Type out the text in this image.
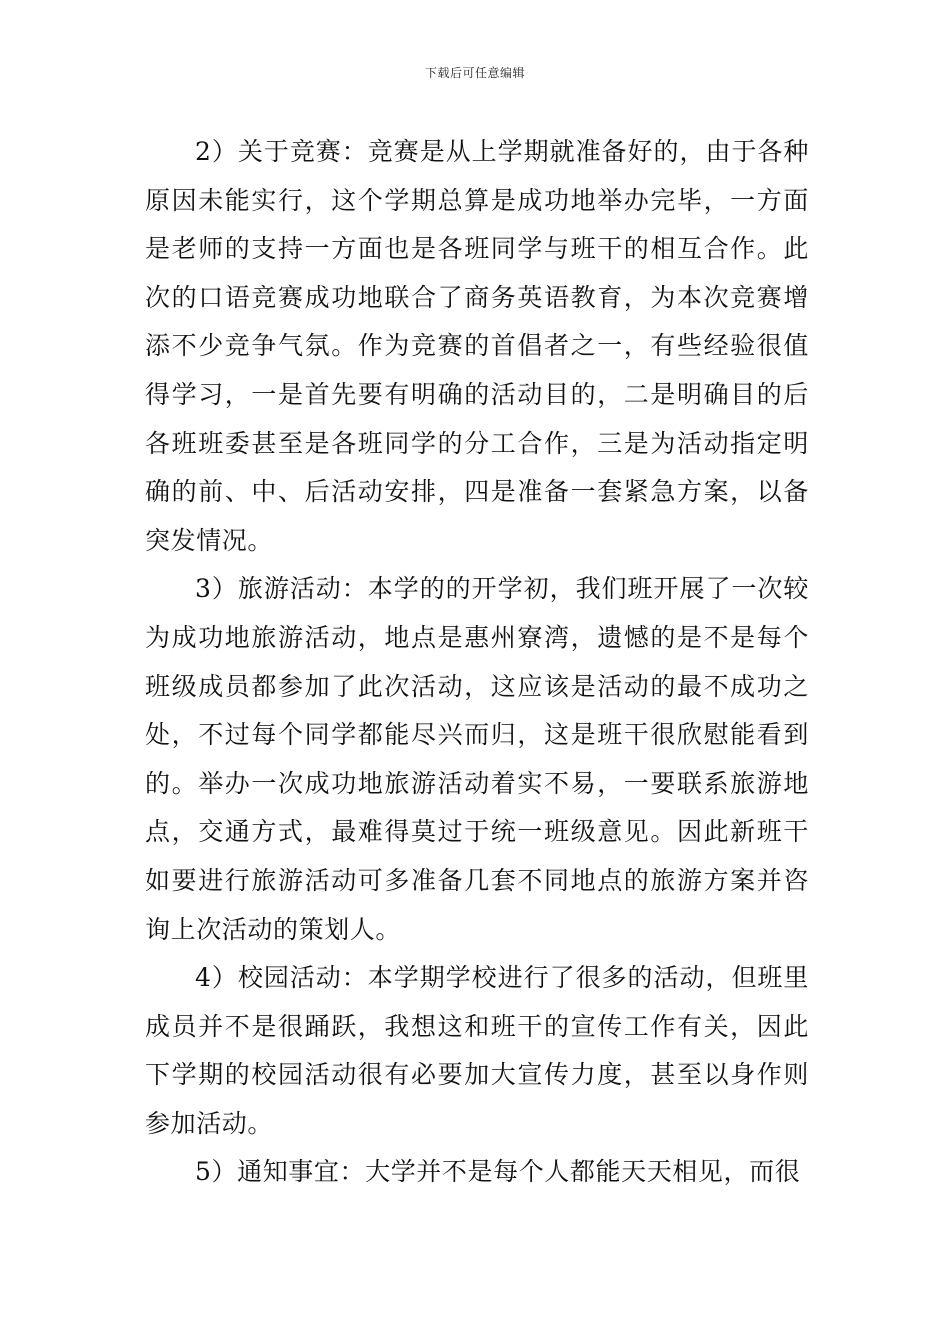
下载后可任意编辑

2）关于竞赛：竞赛是从上学期就准备好的，由于各种原因未能实行，这个学期总算是成功地举办完毕，一方面是老师的支持一方面也是各班同学与班干的相互合作。此次的口语竞赛成功地联合了商务英语教育，为本次竞赛增添不少竞争气氛。作为竞赛的首倡者之一，有些经验很值得学习，一是首先要有明确的活动目的，二是明确目的后各班班委甚至是各班同学的分工合作，三是为活动指定明确的前、中、后活动安排，四是准备一套紧急方案，以备突发情况。

3）旅游活动：本学的的开学初，我们班开展了一次较为成功地旅游活动，地点是惠州寮湾，遗憾的是不是每个班级成员都参加了此次活动，这应该是活动的最不成功之处，不过每个同学都能尽兴而归，这是班干很欣慰能看到的。举办一次成功地旅游活动着实不易，一要联系旅游地点，交通方式，最难得莫过于统一班级意见。因此新班干如要进行旅游活动可多准备几套不同地点的旅游方案并咨询上次活动的策划人。

4）校园活动：本学期学校进行了很多的活动，但班里成员并不是很踊跃，我想这和班干的宣传工作有关，因此下学期的校园活动很有必要加大宣传力度，甚至以身作则参加活动。

5）通知事宜：大学并不是每个人都能天天相见，而很
